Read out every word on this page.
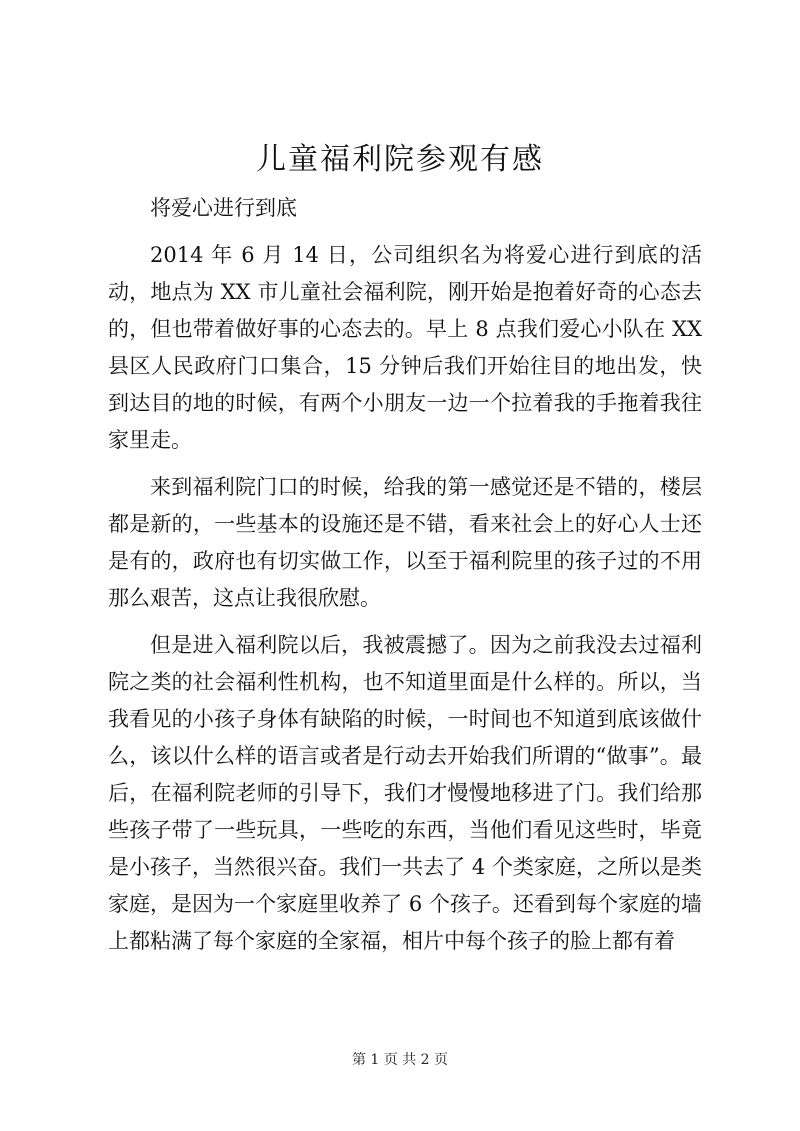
儿童福利院参观有感

将爱心进行到底

2014 年 6 月 14 日，公司组织名为将爱心进行到底的活动，地点为 XX 市儿童社会福利院，刚开始是抱着好奇的心态去的，但也带着做好事的心态去的。早上 8 点我们爱心小队在 XX 县区人民政府门口集合，15 分钟后我们开始往目的地出发，快到达目的地的时候，有两个小朋友一边一个拉着我的手拖着我往家里走。

来到福利院门口的时候，给我的第一感觉还是不错的，楼层都是新的，一些基本的设施还是不错，看来社会上的好心人士还是有的，政府也有切实做工作，以至于福利院里的孩子过的不用那么艰苦，这点让我很欣慰。

但是进入福利院以后，我被震撼了。因为之前我没去过福利院之类的社会福利性机构，也不知道里面是什么样的。所以，当我看见的小孩子身体有缺陷的时候，一时间也不知道到底该做什么，该以什么样的语言或者是行动去开始我们所谓的“做事”。最后，在福利院老师的引导下，我们才慢慢地移进了门。我们给那些孩子带了一些玩具，一些吃的东西，当他们看见这些时，毕竟是小孩子，当然很兴奋。我们一共去了 4 个类家庭，之所以是类家庭，是因为一个家庭里收养了 6 个孩子。还看到每个家庭的墙上都粘满了每个家庭的全家福，相片中每个孩子的脸上都有着

第 1 页 共 2 页
